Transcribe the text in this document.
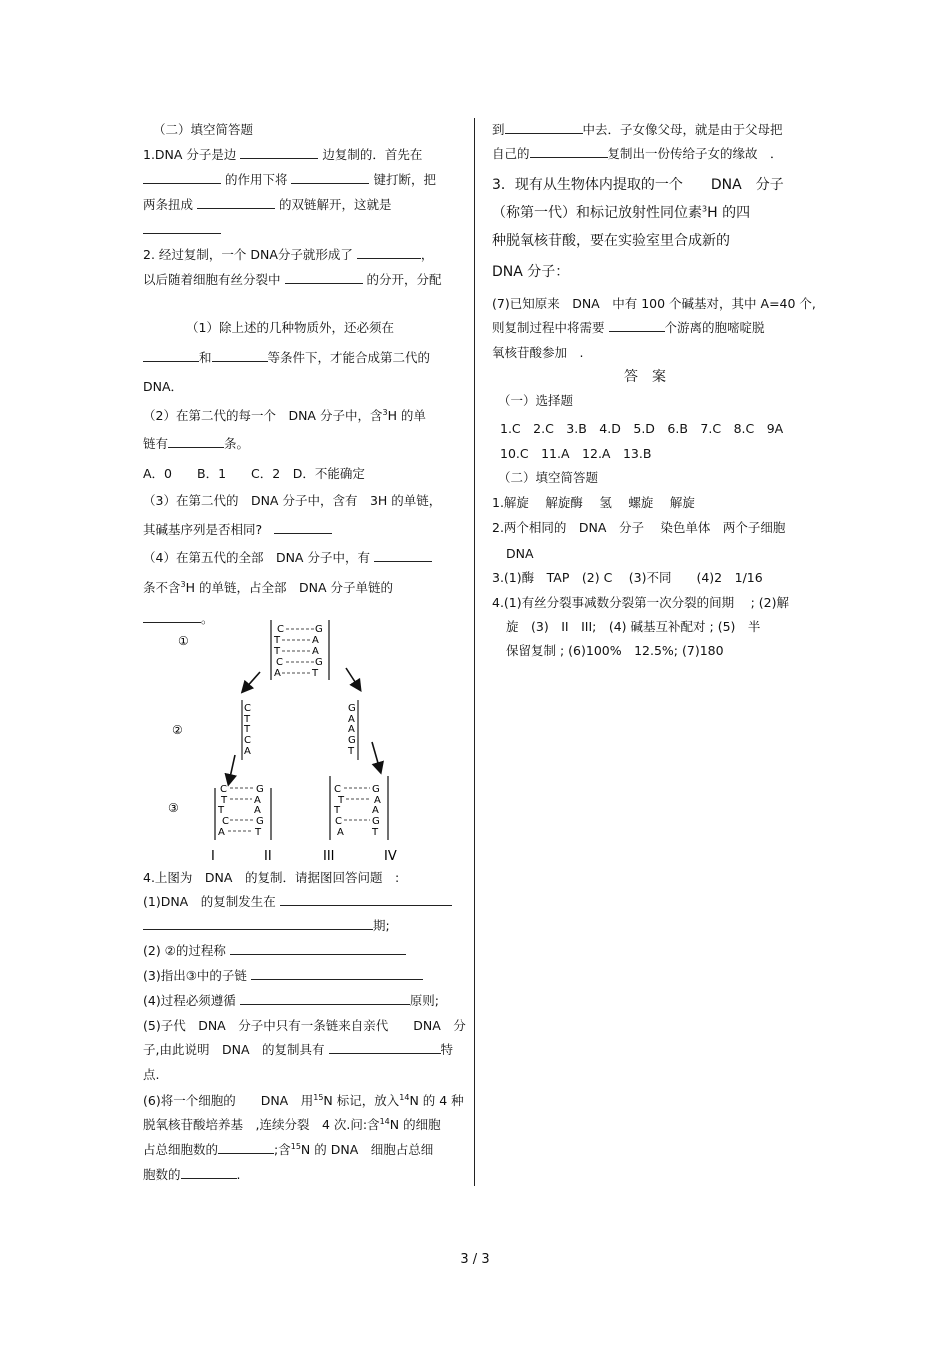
（二）填空简答题
1.DNA 分子是边	边复制的．首先在
的作用下将	键打断，把
两条扭成	的双链解开，这就是
2. 经过复制，一个 DNA分子就形成了	，
以后随着细胞有丝分裂中	的分开，分配
（1）除上述的几种物质外，还必须在
和	等条件下，才能合成第二代的
DNA．
（2）在第二代的每一个　DNA 分子中，含$^3$H 的单
链有	条。
A．0　　B．1　　C．2　D．不能确定
（3）在第二代的　DNA 分子中，含有　3H 的单链，
其碱基序列是否相同?
（4）在第五代的全部　DNA 分子中，有
条不含$^3$H 的单链，占全部　DNA 分子单链的
。
①
②
③
C
T
T
C
A
G
A
A
G
T
C
T
T
C
A
G
A
A
G
T
C	G
T	A
T	A
C	G
A	T
C	G
T	A
T	A
C	G
A	T
I	II	III	IV
4.上图为　DNA　的复制．请据图回答问题　:
(1)DNA　的复制发生在
期;
(2) ②的过程称
(3)指出③中的子链
(4)过程必须遵循	原则;
(5)子代　DNA　分子中只有一条链来自亲代　　DNA　分
子,由此说明　DNA　的复制具有	特
点.
(6)将一个细胞的　　DNA　用$^{15}$N 标记，放入$^{14}$N 的 4 种
脱氧核苷酸培养基　,连续分裂　4 次.问:含$^{14}$N 的细胞
占总细胞数的	;含$^{15}$N 的 DNA　细胞占总细
胞数的	.
到	中去．子女像父母，就是由于父母把
自己的	复制出一份传给子女的缘故　．
3．现有从生物体内提取的一个　　DNA　分子
（称第一代）和标记放射性同位素$^3$H 的四
种脱氧核苷酸，要在实验室里合成新的
DNA 分子：
(7)已知原来　DNA　中有 100 个碱基对，其中 A=40 个,
则复制过程中将需要	个游离的胞嘧啶脱
氧核苷酸参加　.
答　案
（一）选择题
1.C　2.C　3.B　4.D　5.D　6.B　7.C　8.C　9A
10.C　11.A　12.A　13.B
（二）填空简答题
1.解旋　 解旋酶　 氢　 螺旋　 解旋
2.两个相同的　DNA　分子　 染色单体　两个子细胞
DNA
3.(1)酶　TAP　(2) C　 (3)不同　　(4)2　1/16
4.(1)有丝分裂事减数分裂第一次分裂的间期　 ; (2)解
旋　(3)　II　III;　(4) 碱基互补配对 ; (5)　半
保留复制 ; (6)100%　12.5%; (7)180
3 / 3
